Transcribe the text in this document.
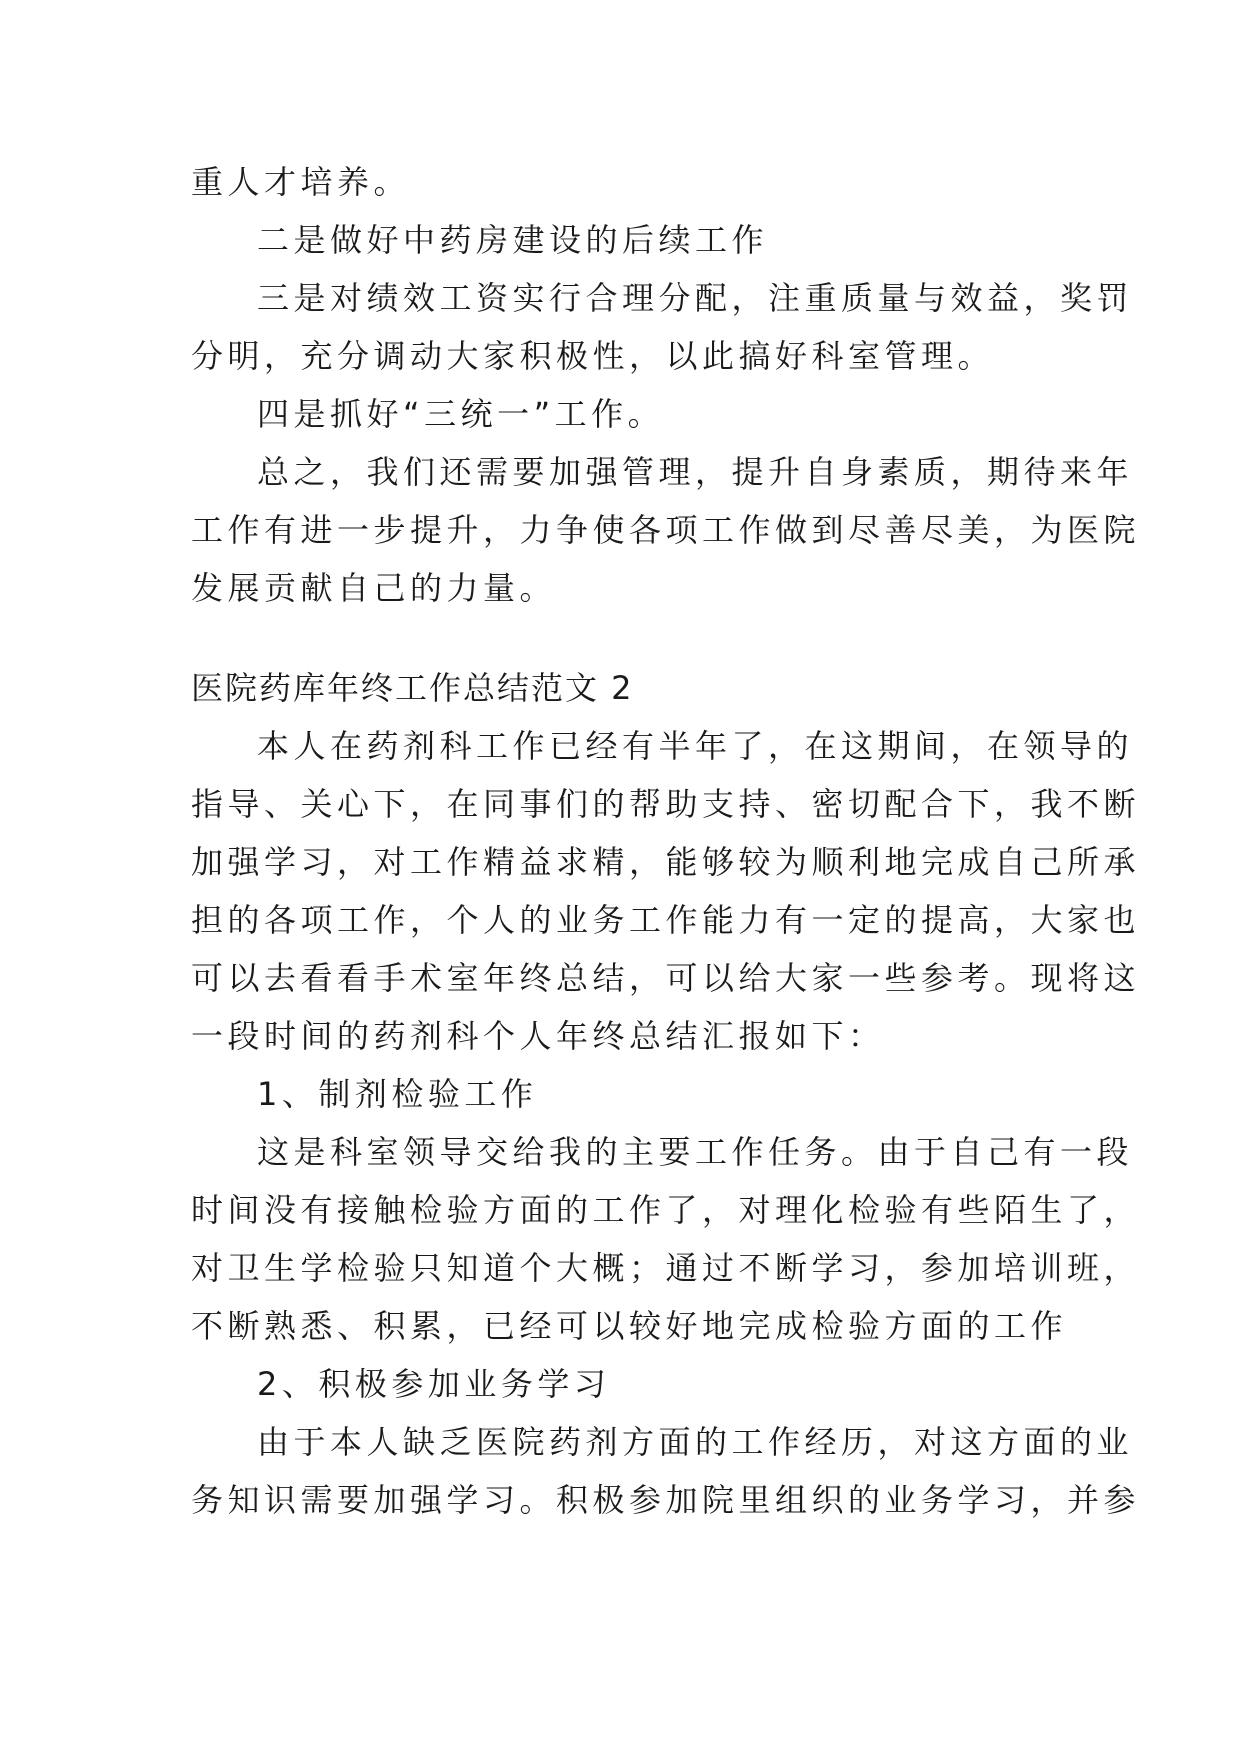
重人才培养。
二是做好中药房建设的后续工作
三是对绩效工资实行合理分配，注重质量与效益，奖罚
分明，充分调动大家积极性，以此搞好科室管理。
四是抓好“三统一”工作。
总之，我们还需要加强管理，提升自身素质，期待来年
工作有进一步提升，力争使各项工作做到尽善尽美，为医院
发展贡献自己的力量。
医院药库年终工作总结范文 2
本人在药剂科工作已经有半年了，在这期间，在领导的
指导、关心下，在同事们的帮助支持、密切配合下，我不断
加强学习，对工作精益求精，能够较为顺利地完成自己所承
担的各项工作，个人的业务工作能力有一定的提高，大家也
可以去看看手术室年终总结，可以给大家一些参考。现将这
一段时间的药剂科个人年终总结汇报如下：
1、制剂检验工作
这是科室领导交给我的主要工作任务。由于自己有一段
时间没有接触检验方面的工作了，对理化检验有些陌生了，
对卫生学检验只知道个大概；通过不断学习，参加培训班，
不断熟悉、积累，已经可以较好地完成检验方面的工作
2、积极参加业务学习
由于本人缺乏医院药剂方面的工作经历，对这方面的业
务知识需要加强学习。积极参加院里组织的业务学习，并参
